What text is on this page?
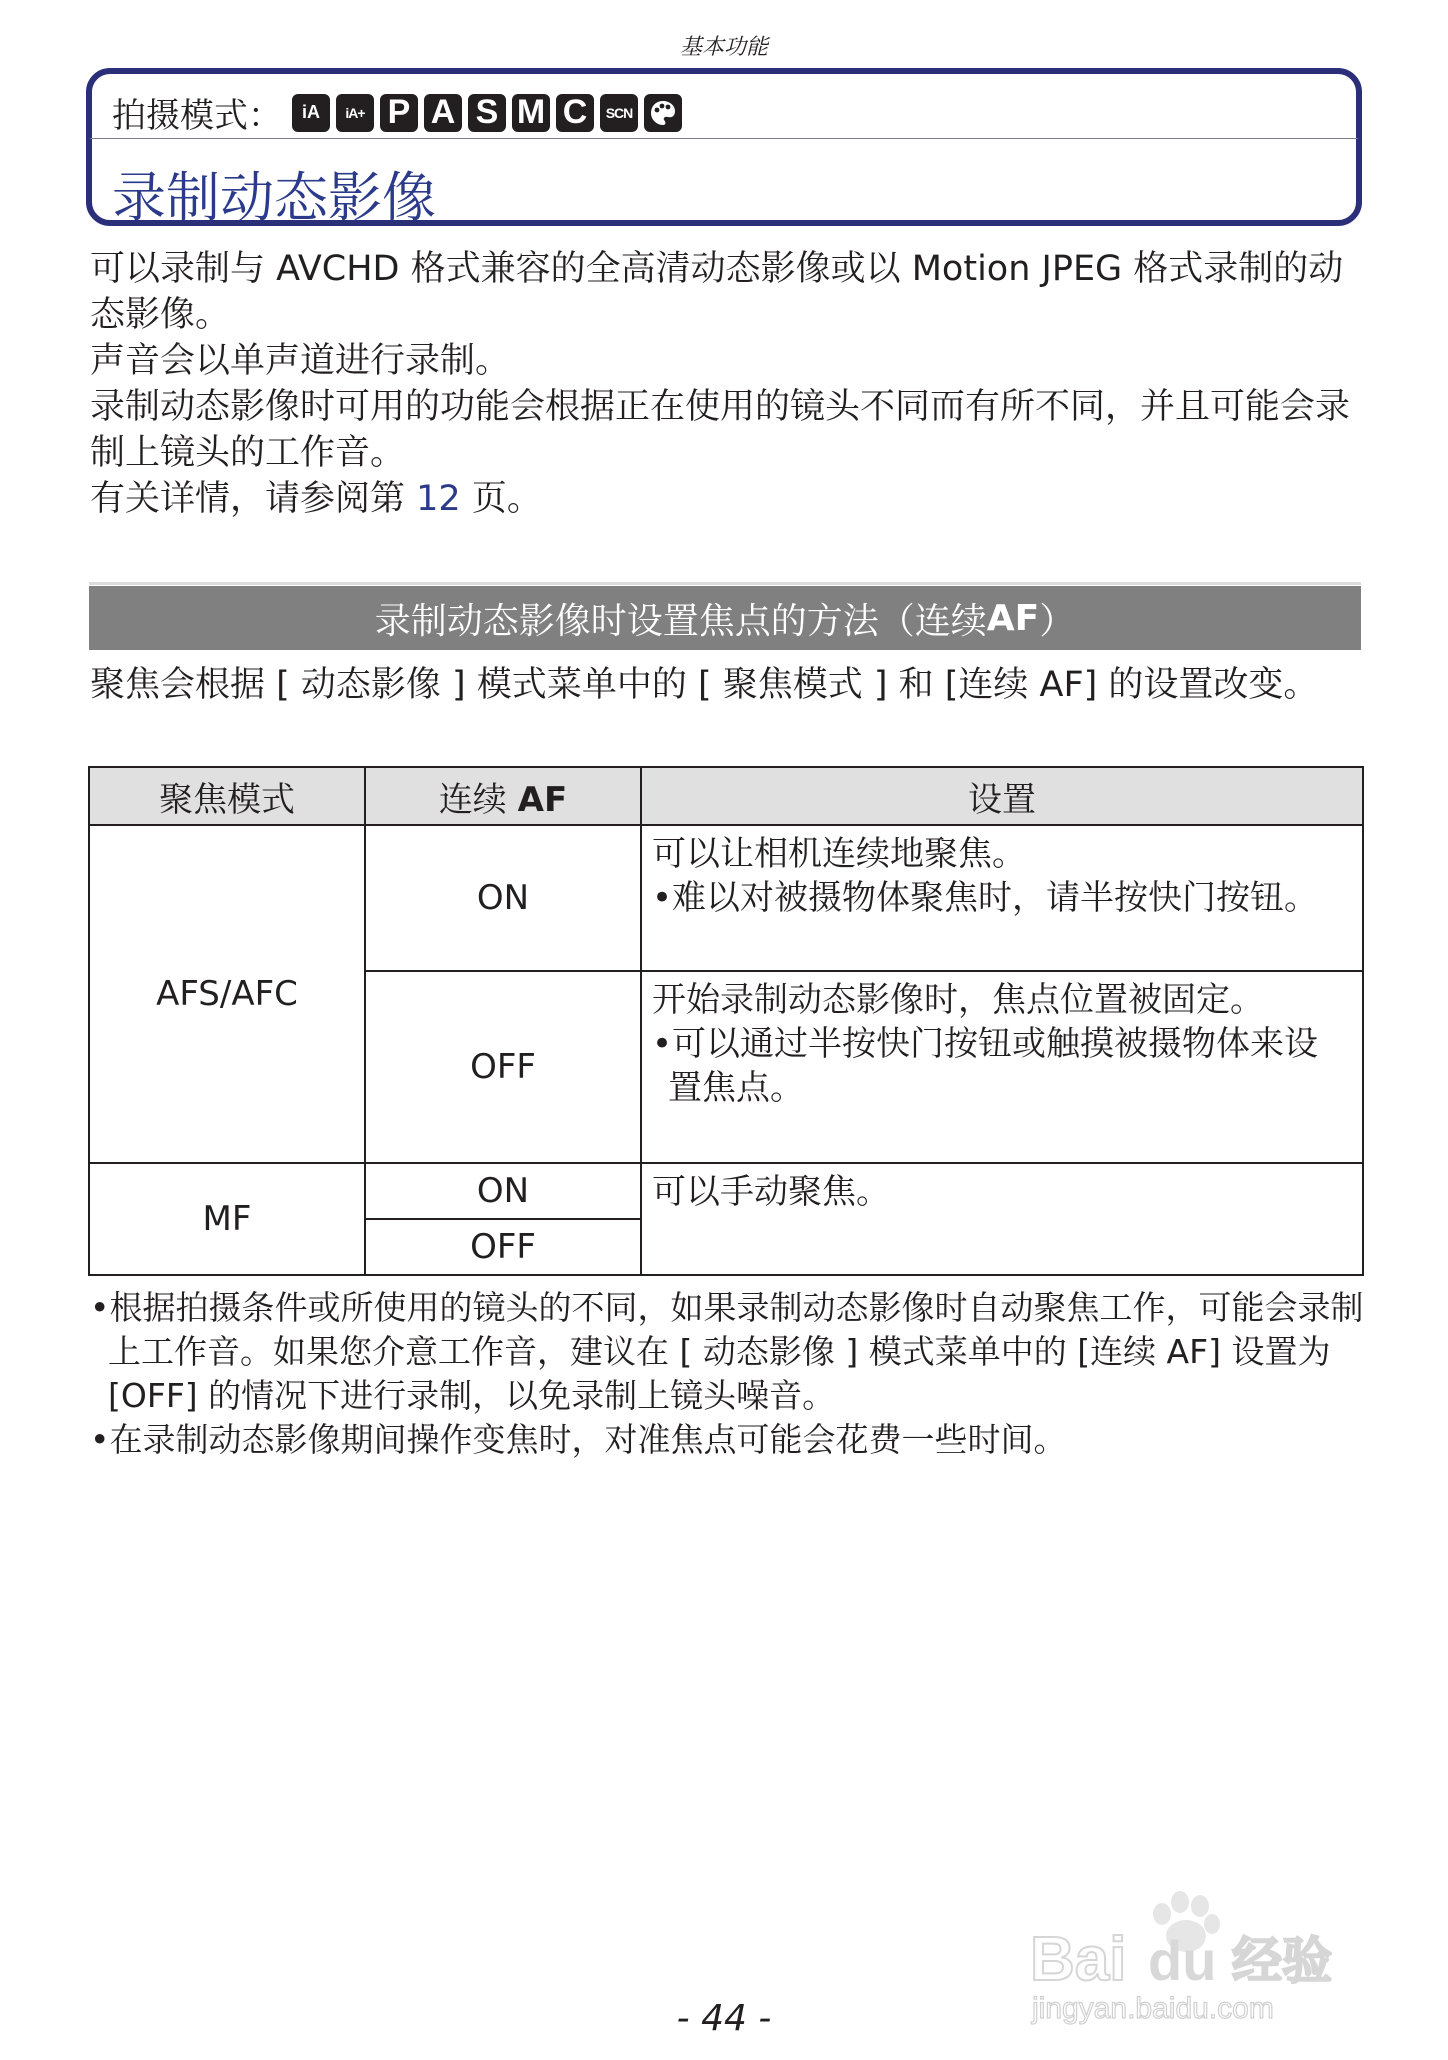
基本功能
拍摄模式：	iA	iA+ P A S M C	SCN
录制动态影像

可以录制与 AVCHD 格式兼容的全高清动态影像或以 Motion JPEG 格式录制的动态影像。

声音会以单声道进行录制。

录制动态影像时可用的功能会根据正在使用的镜头不同而有所不同，并且可能会录制上镜头的工作音。

有关详情，请参阅第 12 页。

录制动态影像时设置焦点的方法（连续 AF ）
聚焦会根据 [ 动态影像 ] 模式菜单中的 [ 聚焦模式 ] 和 [连续 AF] 的设置改变。
聚焦模式	连续 AF	设置
AFS/AFC	ON	可以让相机连续地聚焦。
•难以对被摄物体聚焦时，请半按快门按钮。

	OFF	开始录制动态影像时，焦点位置被固定。
•可以通过半按快门按钮或触摸被摄物体来设置焦点。

MF	ON	可以手动聚焦。
	OFF	
•根据拍摄条件或所使用的镜头的不同，如果录制动态影像时自动聚焦工作，可能会录制上工作音。如果您介意工作音，建议在 [ 动态影像 ] 模式菜单中的 [连续 AF] 设置为 [OFF] 的情况下进行录制，以免录制上镜头噪音。
•在录制动态影像期间操作变焦时，对准焦点可能会花费一些时间。
Bai du 经验
jingyan.baidu.com
- 44 -
